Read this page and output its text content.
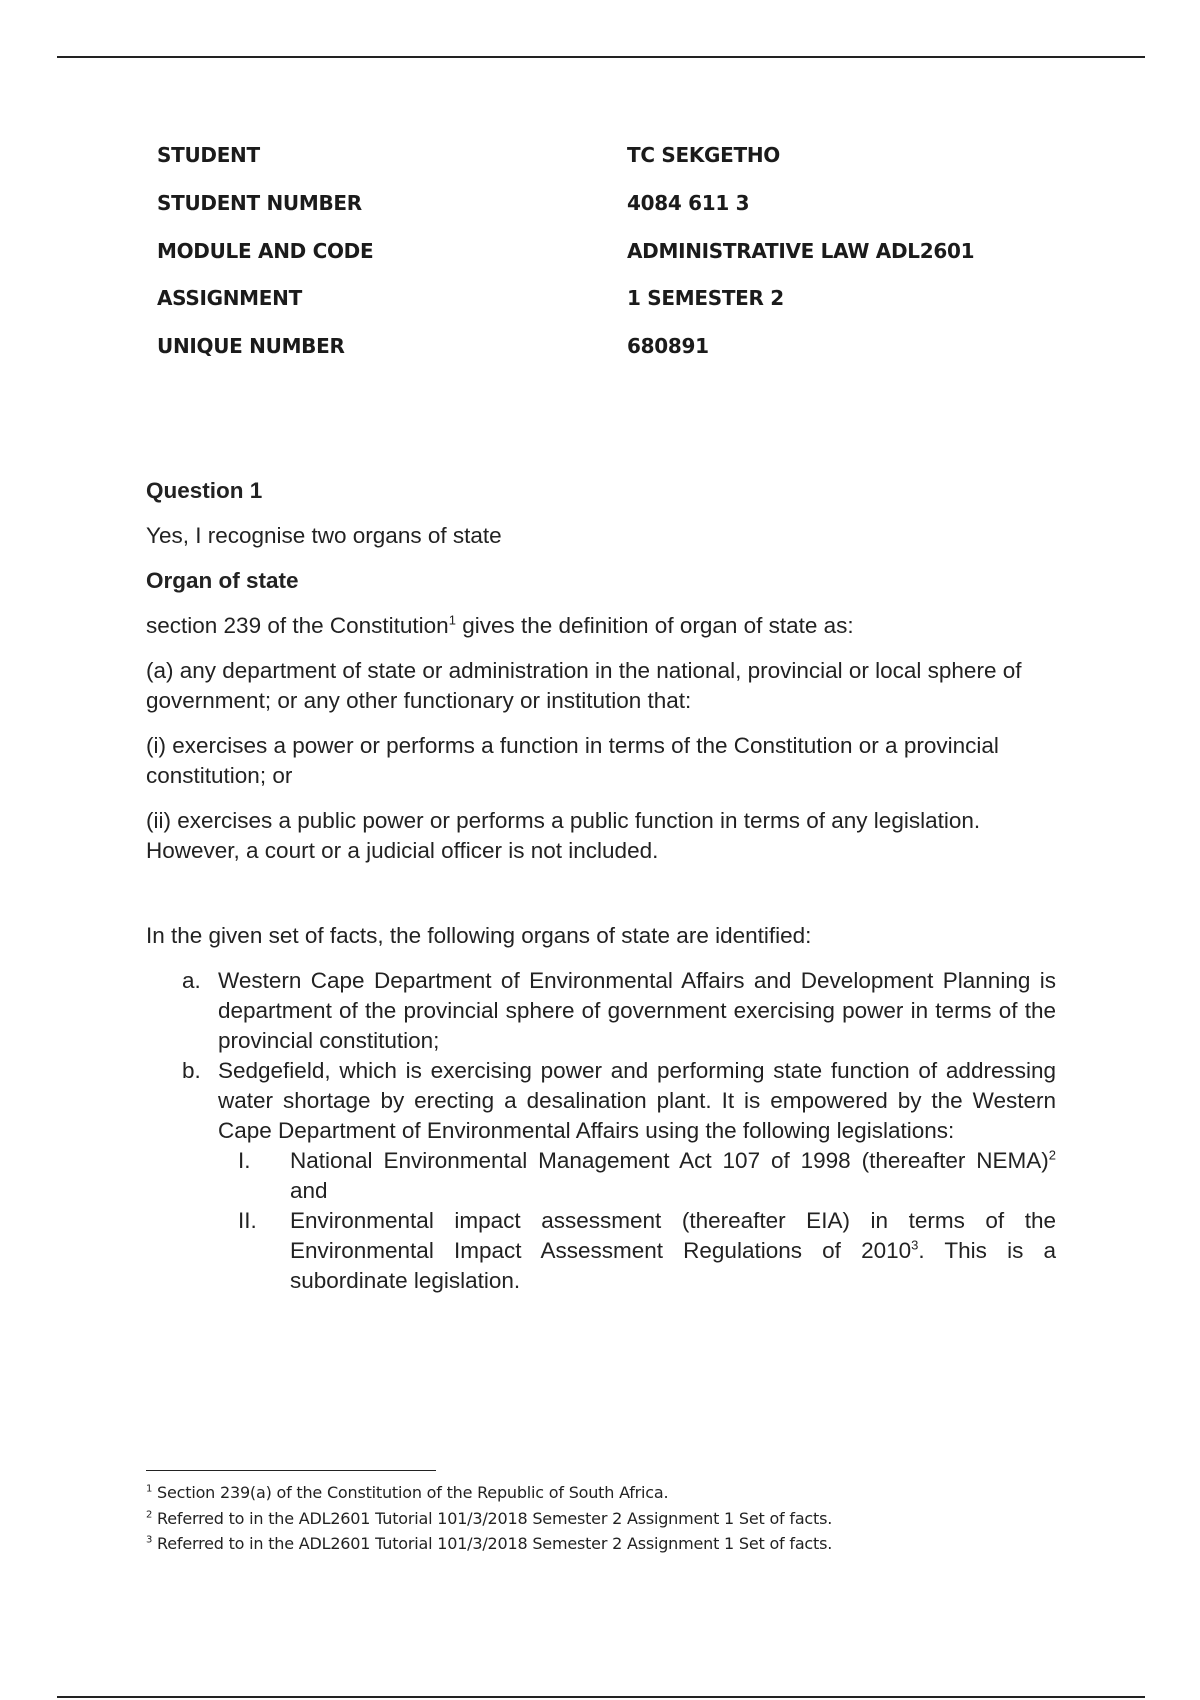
STUDENT	TC SEKGETHO
STUDENT NUMBER	4084 611 3
MODULE AND CODE	ADMINISTRATIVE LAW ADL2601
ASSIGNMENT	1 SEMESTER 2
UNIQUE NUMBER	680891

Question 1

Yes, I recognise two organs of state

Organ of state

section 239 of the Constitution$^1$ gives the definition of organ of state as:

(a) any department of state or administration in the national, provincial or local sphere of government; or any other functionary or institution that:

(i) exercises a power or performs a function in terms of the Constitution or a provincial constitution; or

(ii) exercises a public power or performs a public function in terms of any legislation. However, a court or a judicial officer is not included.

In the given set of facts, the following organs of state are identified:

a. Western Cape Department of Environmental Affairs and Development Planning is department of the provincial sphere of government exercising power in terms of the provincial constitution;
b. Sedgefield, which is exercising power and performing state function of addressing water shortage by erecting a desalination plant. It is empowered by the Western Cape Department of Environmental Affairs using the following legislations:
I. National Environmental Management Act 107 of 1998 (thereafter NEMA)$^2$ and
II. Environmental impact assessment (thereafter EIA) in terms of the Environmental Impact Assessment Regulations of 2010$^3$. This is a subordinate legislation.
$^1$ Section 239(a) of the Constitution of the Republic of South Africa.
$^2$ Referred to in the ADL2601 Tutorial 101/3/2018 Semester 2 Assignment 1 Set of facts.
$^3$ Referred to in the ADL2601 Tutorial 101/3/2018 Semester 2 Assignment 1 Set of facts.
